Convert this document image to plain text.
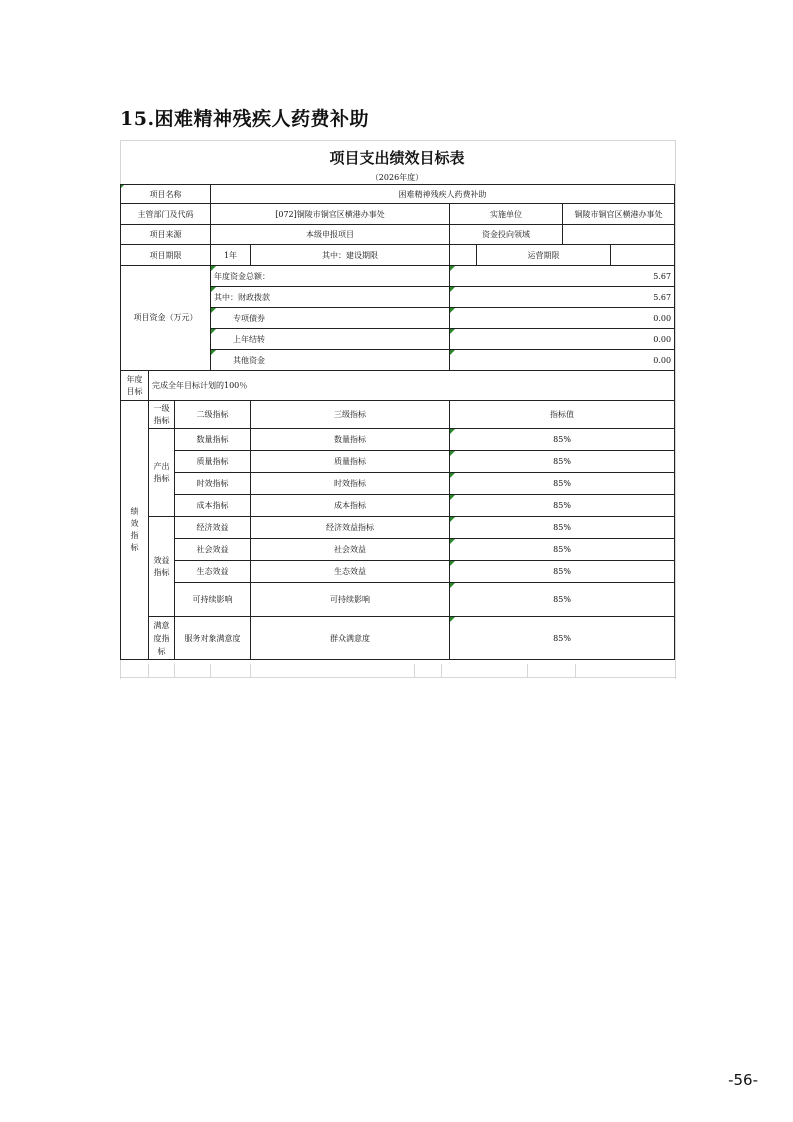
15.困难精神残疾人药费补助
项目支出绩效目标表
（2026年度）
项目名称			困难精神残疾人药费补助					
主管部门及代码			[072]铜陵市铜官区横港办事处		实施单位		铜陵市铜官区横港办事处	
项目来源			本级申报项目		资金投向领域			
项目期限			1年	其中：建设期限		运营期限		
项目资金（万元）			年度资金总额：		5.67			
			其中：财政拨款		5.67			
			专项债券		0.00			
			上年结转		0.00			
			其他资金		0.00			
年度目标	完成全年目标计划的100％							
绩效指标	一级指标	二级指标		三级指标	指标值			
	产出指标	数量指标		数量指标	85%			
		质量指标		质量指标	85%			
		时效指标		时效指标	85%			
		成本指标		成本指标	85%			
	效益指标	经济效益		经济效益指标	85%			
		社会效益		社会效益	85%			
		生态效益		生态效益	85%			
		可持续影响		可持续影响	85%			
	满意度指标	服务对象满意度		群众满意度	85%			
-56-
